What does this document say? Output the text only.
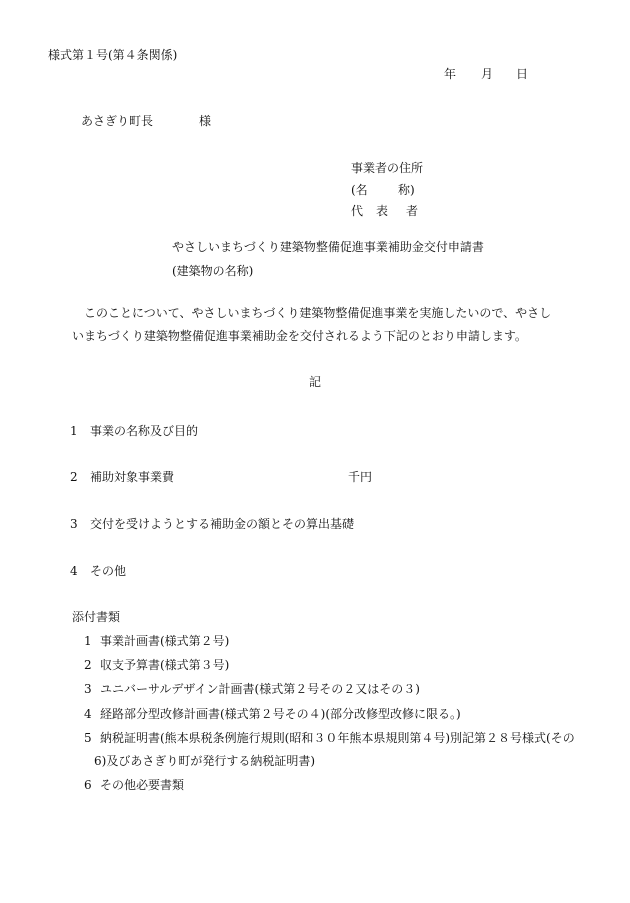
様式第１号(第４条関係)
年 月 日
あさぎり町長	様
事業者の住所
(名	称)
代 表 者
やさしいまちづくり建築物整備促進事業補助金交付申請書
(建築物の名称)
このことについて、やさしいまちづくり建築物整備促進事業を実施したいので、やさし
いまちづくり建築物整備促進事業補助金を交付されるよう下記のとおり申請します。
記
1 事業の名称及び目的
2 補助対象事業費	千円
3 交付を受けようとする補助金の額とその算出基礎
4 その他
添付書類
1 事業計画書(様式第２号)
2 収支予算書(様式第３号)
3 ユニバーサルデザイン計画書(様式第２号その２又はその３)
4 経路部分型改修計画書(様式第２号その４)(部分改修型改修に限る。)
5 納税証明書(熊本県税条例施行規則(昭和３０年熊本県規則第４号)別記第２８号様式(その
6)及びあさぎり町が発行する納税証明書)
6 その他必要書類
